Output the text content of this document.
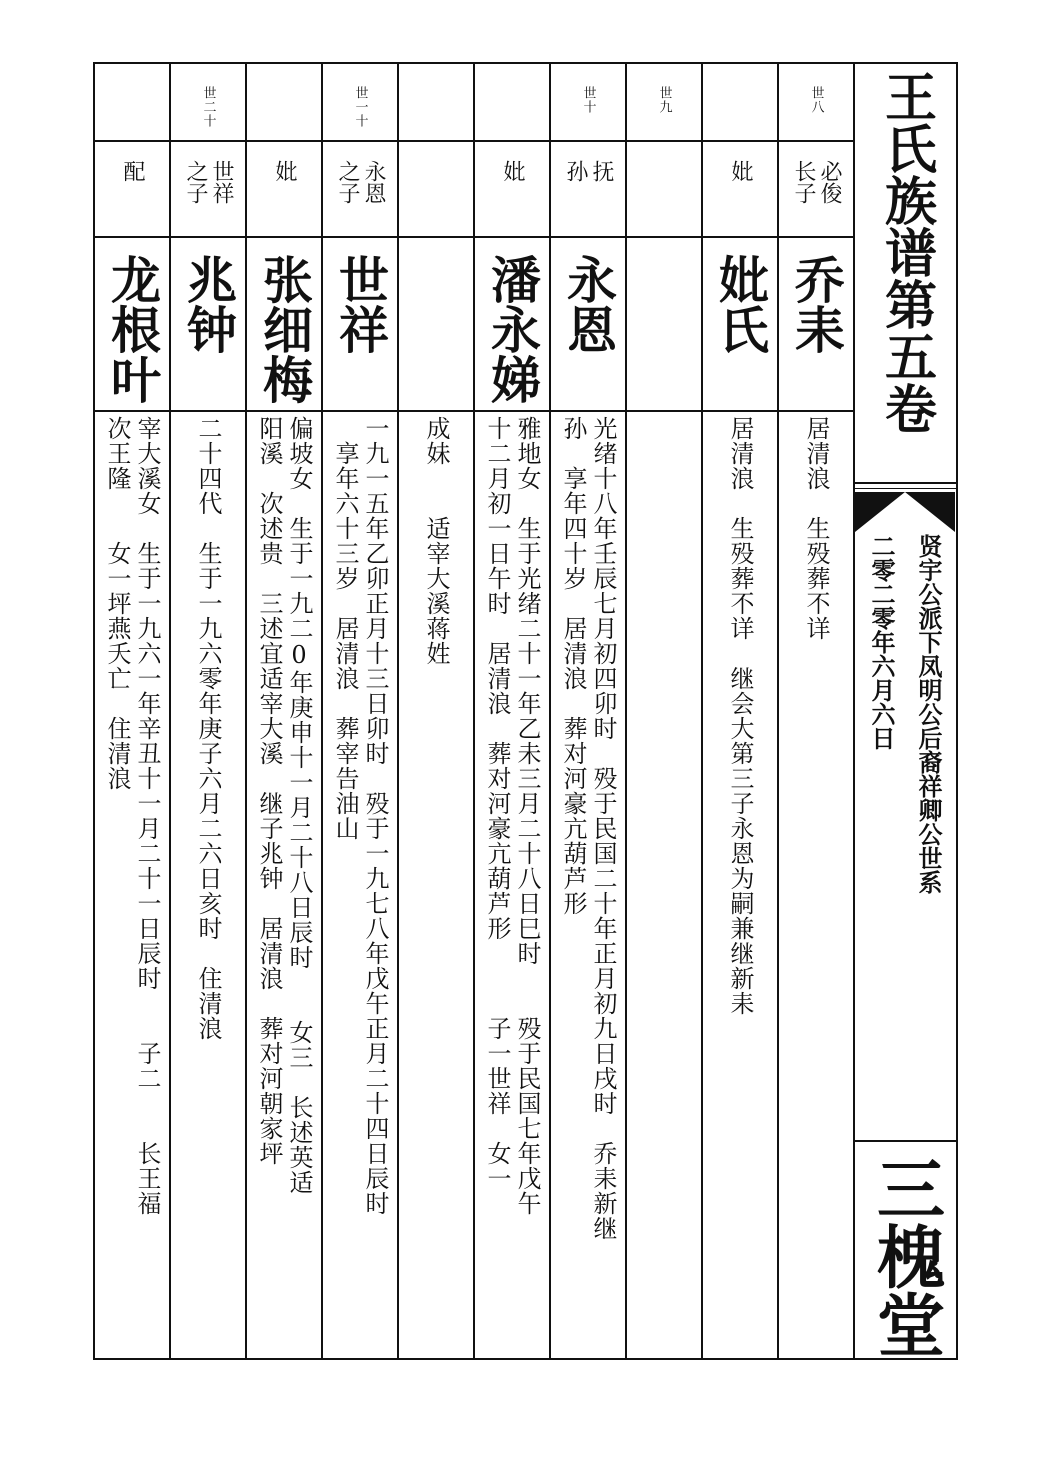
配
龙根叶
宰大溪女　生于一九六一年辛丑十一月二十一日辰时　　子二　　长王福
次王隆　　女一坪燕夭亡　住清浪
世二十
世祥
之子
兆钟
二十四代　生于一九六零年庚子六月二六日亥时　住清浪
妣
张细梅
偏坡女　生于一九二0年庚申十一月二十八日辰时　　女三　长述英适
阳溪　次述贵　三述宜适宰大溪　继子兆钟　居清浪　葬对河朝家坪
世一十
永恩
之子
世祥
一九一五年乙卯正月十三日卯时　殁于一九七八年戊午正月二十四日辰时
　享年六十三岁　居清浪　葬宰告油山
成妹　　适宰大溪蒋姓
妣
潘永娣
雅地女　生于光绪二十一年乙未三月二十八日巳时　　殁于民国七年戊午
十二月初一日午时　居清浪　葬对河豪亢葫芦形　　　子一世祥　女一
世十
抚
孙
永恩
光绪十八年壬辰七月初四卯时　殁于民国二十年正月初九日戌时　乔耒新继
孙　享年四十岁　居清浪　葬对河豪亢葫芦形
世九
妣
妣氏
居清浪　生殁葬不详　继会大第三子永恩为嗣兼继新耒
世八
必俊
长子
乔耒
居清浪　生殁葬不详
王氏族谱第五卷
贤宇公派下凤明公后裔祥卿公世系
二零二零年六月六日
三槐堂
